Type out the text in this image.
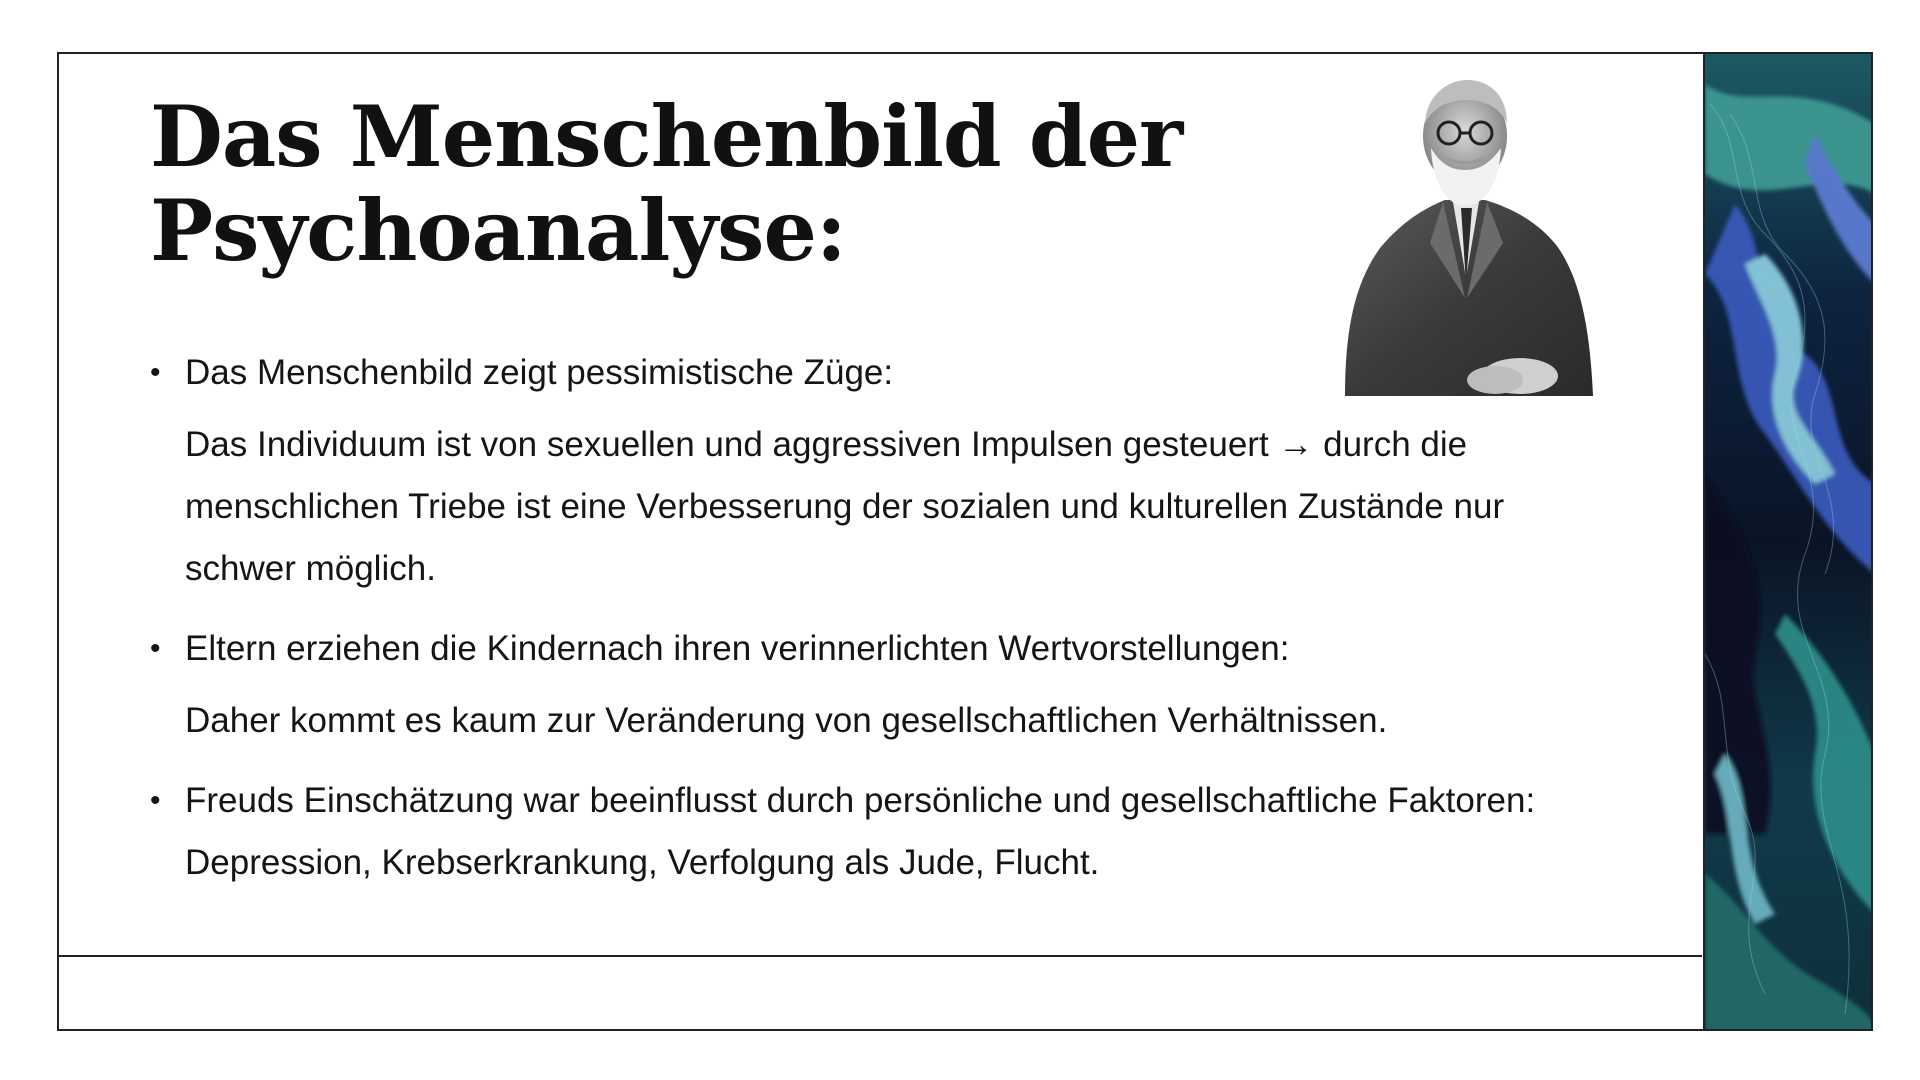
Das Menschenbild der
Psychoanalyse:
• Das Menschenbild zeigt pessimistische Züge:
Das Individuum ist von sexuellen und aggressiven Impulsen gesteuert → durch die
menschlichen Triebe ist eine Verbesserung der sozialen und kulturellen Zustände nur
schwer möglich.
• Eltern erziehen die Kindernach ihren verinnerlichten Wertvorstellungen:
Daher kommt es kaum zur Veränderung von gesellschaftlichen Verhältnissen.
• Freuds Einschätzung war beeinflusst durch persönliche und gesellschaftliche Faktoren:
Depression, Krebserkrankung, Verfolgung als Jude, Flucht.
